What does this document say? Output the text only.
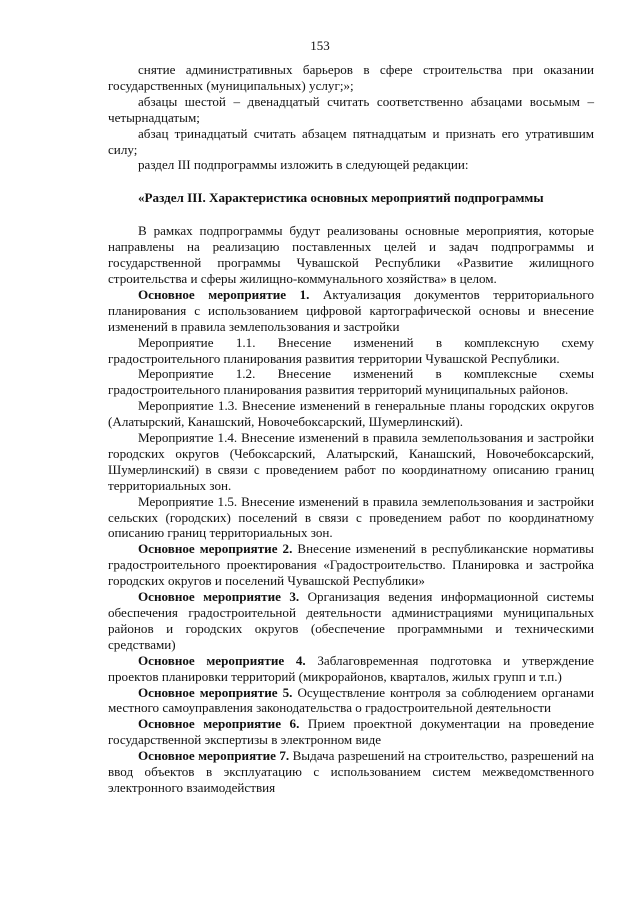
153

снятие административных барьеров в сфере строительства при оказании государственных (муниципальных) услуг;»;

абзацы шестой – двенадцатый считать соответственно абзацами восьмым – четырнадцатым;

абзац тринадцатый считать абзацем пятнадцатым и признать его утратившим силу;

раздел III подпрограммы изложить в следующей редакции:

«Раздел III. Характеристика основных мероприятий подпрограммы

В рамках подпрограммы будут реализованы основные мероприятия, которые направлены на реализацию поставленных целей и задач подпрограммы и государственной программы Чувашской Республики «Развитие жилищного строительства и сферы жилищно-коммунального хозяйства» в целом.

Основное мероприятие 1. Актуализация документов территориального планирования с использованием цифровой картографической основы и внесение изменений в правила землепользования и застройки

Мероприятие 1.1. Внесение изменений в комплексную схему градостроительного планирования развития территории Чувашской Республики.

Мероприятие 1.2. Внесение изменений в комплексные схемы градостроительного планирования развития территорий муниципальных районов.

Мероприятие 1.3. Внесение изменений в генеральные планы городских округов (Алатырский, Канашский, Новочебоксарский, Шумерлинский).

Мероприятие 1.4. Внесение изменений в правила землепользования и застройки городских округов (Чебоксарский, Алатырский, Канашский, Новочебоксарский, Шумерлинский) в связи с проведением работ по координатному описанию границ территориальных зон.

Мероприятие 1.5. Внесение изменений в правила землепользования и застройки сельских (городских) поселений в связи с проведением работ по координатному описанию границ территориальных зон.

Основное мероприятие 2. Внесение изменений в республиканские нормативы градостроительного проектирования «Градостроительство. Планировка и застройка городских округов и поселений Чувашской Республики»

Основное мероприятие 3. Организация ведения информационной системы обеспечения градостроительной деятельности администрациями муниципальных районов и городских округов (обеспечение программными и техническими средствами)

Основное мероприятие 4. Заблаговременная подготовка и утверждение проектов планировки территорий (микрорайонов, кварталов, жилых групп и т.п.)

Основное мероприятие 5. Осуществление контроля за соблюдением органами местного самоуправления законодательства о градостроительной деятельности

Основное мероприятие 6. Прием проектной документации на проведение государственной экспертизы в электронном виде

Основное мероприятие 7. Выдача разрешений на строительство, разрешений на ввод объектов в эксплуатацию с использованием систем межведомственного электронного взаимодействия
